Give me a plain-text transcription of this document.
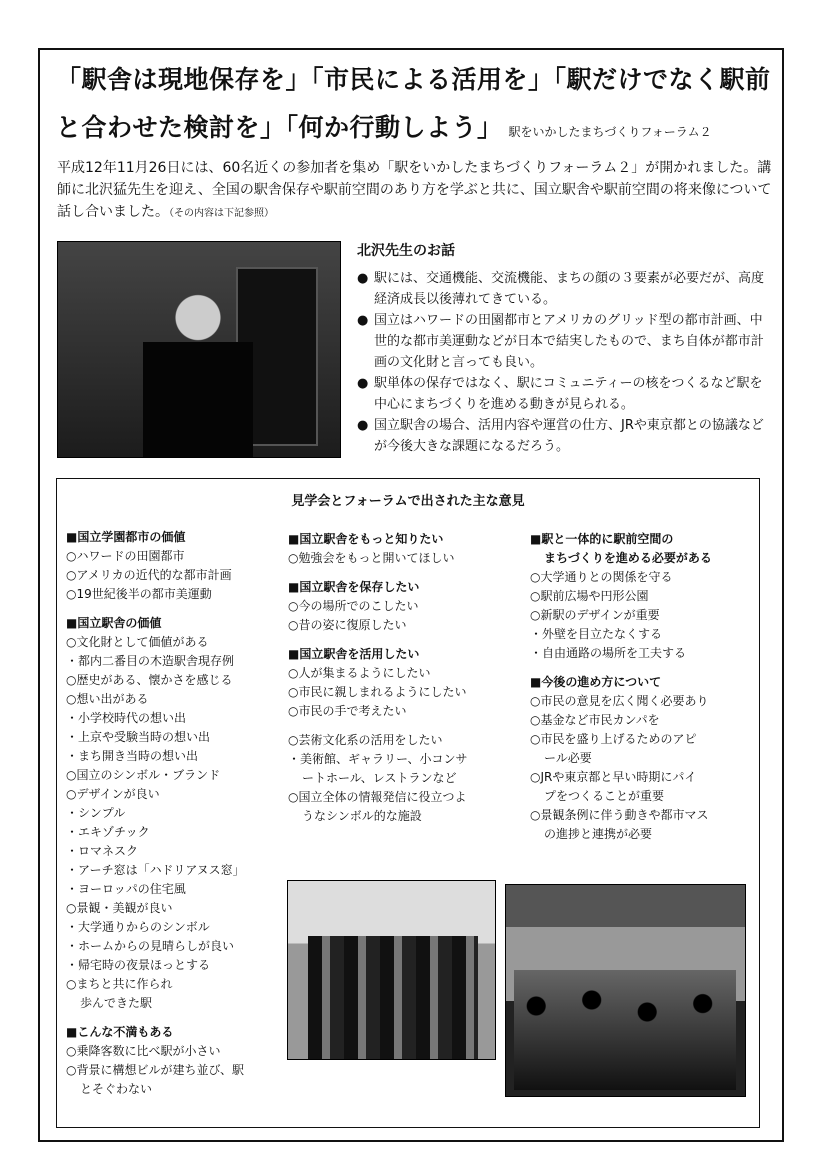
「駅舎は現地保存を」「市民による活用を」「駅だけでなく駅前
と合わせた検討を」「何か行動しよう」 駅をいかしたまちづくりフォーラム２
平成12年11月26日には、60名近くの参加者を集め「駅をいかしたまちづくりフォーラム２」が開かれました。講師に北沢猛先生を迎え、全国の駅舎保存や駅前空間のあり方を学ぶと共に、国立駅舎や駅前空間の将来像について話し合いました。（その内容は下記参照）
北沢先生のお話
● 駅には、交通機能、交流機能、まちの顔の３要素が必要だが、高度経済成長以後薄れてきている。
● 国立はハワードの田園都市とアメリカのグリッド型の都市計画、中世的な都市美運動などが日本で結実したもので、まち自体が都市計画の文化財と言っても良い。
● 駅単体の保存ではなく、駅にコミュニティーの核をつくるなど駅を中心にまちづくりを進める動きが見られる。
● 国立駅舎の場合、活用内容や運営の仕方、JRや東京都との協議などが今後大きな課題になるだろう。
見学会とフォーラムで出された主な意見
■ 国立学園都市の価値
○ ハワードの田園都市
○ アメリカの近代的な都市計画
○ 19世紀後半の都市美運動
■ 国立駅舎の価値
○ 文化財として価値がある
・ 都内二番目の木造駅舎現存例
○ 歴史がある、懐かさを感じる
○ 想い出がある
・ 小学校時代の想い出
・ 上京や受験当時の想い出
・ まち開き当時の想い出
○ 国立のシンボル・ブランド
○ デザインが良い
・ シンプル
・ エキゾチック
・ ロマネスク
・ アーチ窓は「ハドリアヌス窓」
・ ヨーロッパの住宅風
○ 景観・美観が良い
・ 大学通りからのシンボル
・ ホームからの見晴らしが良い
・ 帰宅時の夜景ほっとする
○ まちと共に作られ
歩んできた駅
■ こんな不満もある
○ 乗降客数に比べ駅が小さい
○ 背景に構想ビルが建ち並び、駅
とそぐわない
■ 国立駅舎をもっと知りたい
○ 勉強会をもっと開いてほしい
■ 国立駅舎を保存したい
○ 今の場所でのこしたい
○ 昔の姿に復原したい
■ 国立駅舎を活用したい
○ 人が集まるようにしたい
○ 市民に親しまれるようにしたい
○ 市民の手で考えたい
○ 芸術文化系の活用をしたい
・ 美術館、ギャラリー、小コンサ
ートホール、レストランなど
○ 国立全体の情報発信に役立つよ
うなシンボル的な施設
■ 駅と一体的に駅前空間の
まちづくりを進める必要がある
○ 大学通りとの関係を守る
○ 駅前広場や円形公園
○ 新駅のデザインが重要
・ 外壁を目立たなくする
・ 自由通路の場所を工夫する
■ 今後の進め方について
○ 市民の意見を広く聞く必要あり
○ 基金など市民カンパを
○ 市民を盛り上げるためのアピ
ール必要
○ JRや東京都と早い時期にパイ
プをつくることが重要
○ 景観条例に伴う動きや都市マス
の進捗と連携が必要
